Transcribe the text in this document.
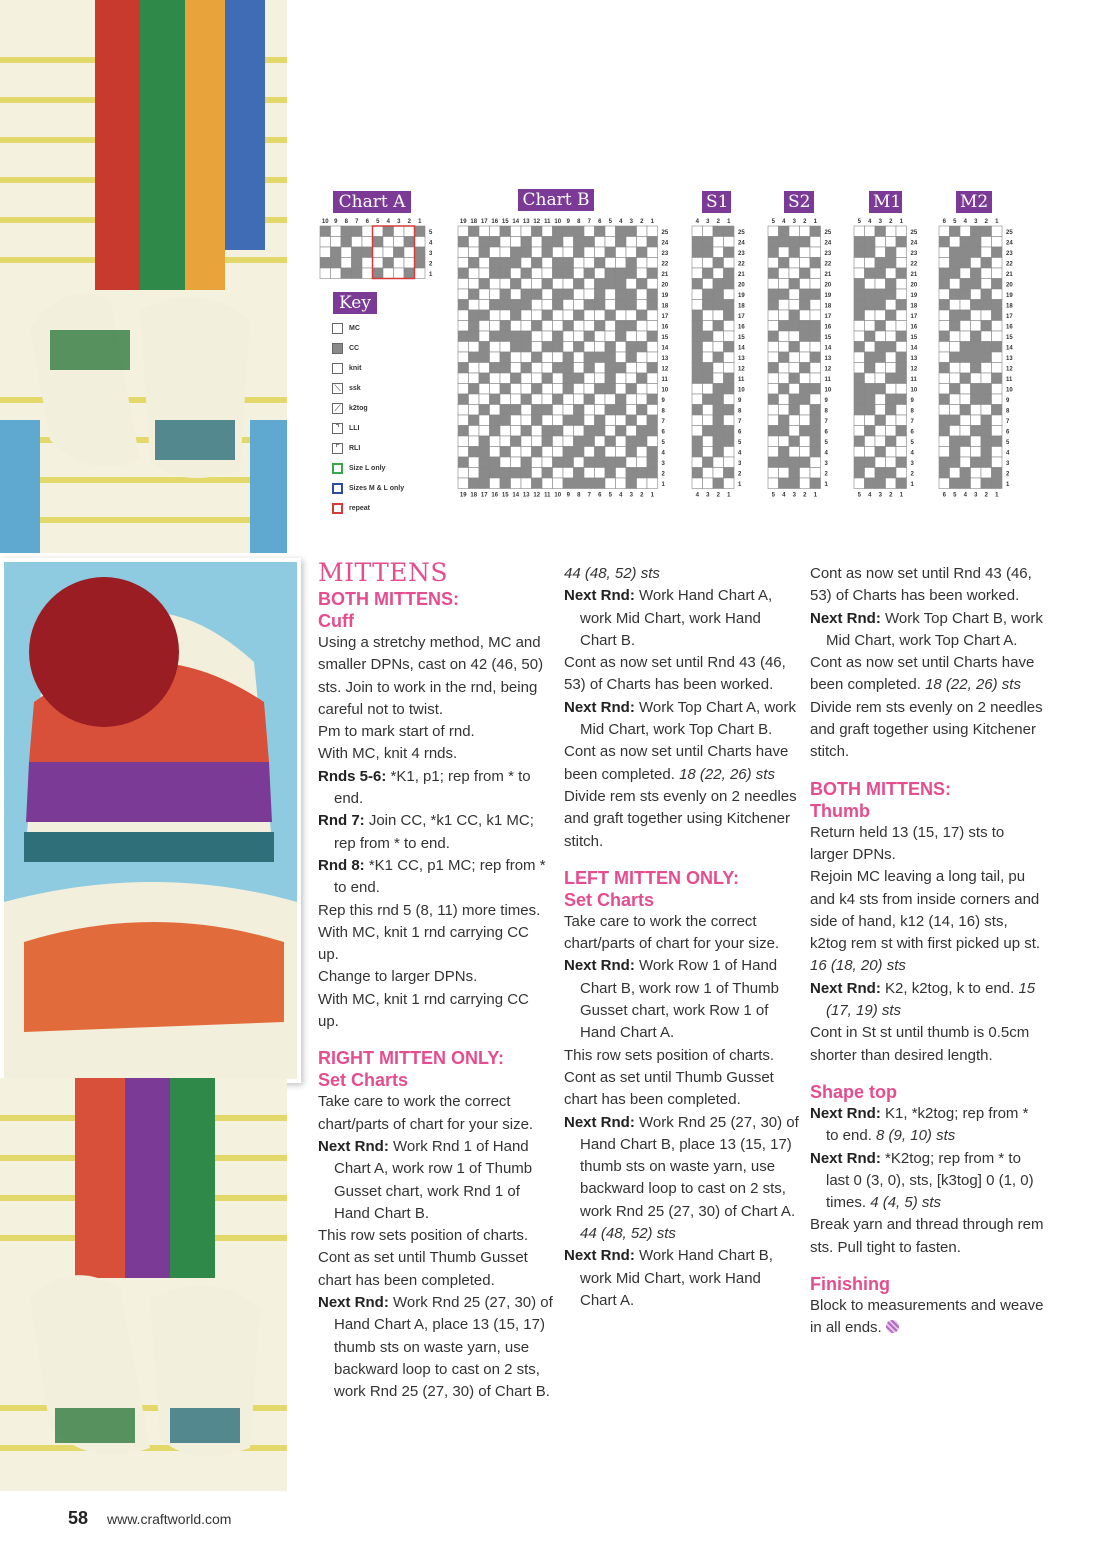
Chart A	Chart B	S1	S2	M1	M2
10 9 8 7 6 5 4 3 2 1
5
4
3
2
1
19 18 17 16 15 14 13 12 11 10 9 8 7 6 5 4 3 2 1
25
24
23
22
21
20
19
18
17
16
15
14
13
12
11
10
9
8
7
6
5
4
3
2
1
19 18 17 16 15 14 13 12 11 10 9 8 7 6 5 4 3 2 1
4 3 2 1
25
24
23
22
21
20
19
18
17
16
15
14
13
12
11
10
9
8
7
6
5
4
3
2
1
4 3 2 1
5 4 3 2 1
25
24
23
22
21
20
19
18
17
16
15
14
13
12
11
10
9
8
7
6
5
4
3
2
1
5 4 3 2 1
5 4 3 2 1
25
24
23
22
21
20
19
18
17
16
15
14
13
12
11
10
9
8
7
6
5
4
3
2
1
5 4 3 2 1
6 5 4 3 2 1
25
24
23
22
21
20
19
18
17
16
15
14
13
12
11
10
9
8
7
6
5
4
3
2
1
6 5 4 3 2 1
Key
MC
CC
knit
⟍	ssk
⟋	k2tog
⌝	LLI
⌜	RLI
Size L only
Sizes M & L only
repeat

MITTENS

BOTH MITTENS:

Cuff

Using a stretchy method, MC and smaller DPNs, cast on 42 (46, 50) sts. Join to work in the rnd, being careful not to twist.

Pm to mark start of rnd.

With MC, knit 4 rnds.

Rnds 5-6: *K1, p1; rep from * to end.

Rnd 7: Join CC, *k1 CC, k1 MC; rep from * to end.

Rnd 8: *K1 CC, p1 MC; rep from * to end.

Rep this rnd 5 (8, 11) more times.

With MC, knit 1 rnd carrying CC up.

Change to larger DPNs.

With MC, knit 1 rnd carrying CC up.

RIGHT MITTEN ONLY:

Set Charts

Take care to work the correct chart/parts of chart for your size.

Next Rnd: Work Rnd 1 of Hand Chart A, work row 1 of Thumb Gusset chart, work Rnd 1 of Hand Chart B.

This row sets position of charts.

Cont as set until Thumb Gusset chart has been completed.

Next Rnd: Work Rnd 25 (27, 30) of Hand Chart A, place 13 (15, 17) thumb sts on waste yarn, use backward loop to cast on 2 sts, work Rnd 25 (27, 30) of Chart B.

44 (48, 52) sts

Next Rnd: Work Hand Chart A, work Mid Chart, work Hand Chart B.

Cont as now set until Rnd 43 (46, 53) of Charts has been worked.

Next Rnd: Work Top Chart A, work Mid Chart, work Top Chart B.

Cont as now set until Charts have been completed. 18 (22, 26) sts

Divide rem sts evenly on 2 needles and graft together using Kitchener stitch.

LEFT MITTEN ONLY:

Set Charts

Take care to work the correct chart/parts of chart for your size.

Next Rnd: Work Row 1 of Hand Chart B, work row 1 of Thumb Gusset chart, work Row 1 of Hand Chart A.

This row sets position of charts.

Cont as set until Thumb Gusset chart has been completed.

Next Rnd: Work Rnd 25 (27, 30) of Hand Chart B, place 13 (15, 17) thumb sts on waste yarn, use backward loop to cast on 2 sts, work Rnd 25 (27, 30) of Chart A. 44 (48, 52) sts

Next Rnd: Work Hand Chart B, work Mid Chart, work Hand Chart A.

Cont as now set until Rnd 43 (46, 53) of Charts has been worked.

Next Rnd: Work Top Chart B, work Mid Chart, work Top Chart A.

Cont as now set until Charts have been completed. 18 (22, 26) sts

Divide rem sts evenly on 2 needles and graft together using Kitchener stitch.

BOTH MITTENS:

Thumb

Return held 13 (15, 17) sts to larger DPNs.

Rejoin MC leaving a long tail, pu and k4 sts from inside corners and side of hand, k12 (14, 16) sts, k2tog rem st with first picked up st. 16 (18, 20) sts

Next Rnd: K2, k2tog, k to end. 15 (17, 19) sts

Cont in St st until thumb is 0.5cm shorter than desired length.

Shape top

Next Rnd: K1, *k2tog; rep from * to end. 8 (9, 10) sts

Next Rnd: *K2tog; rep from * to last 0 (3, 0), sts, [k3tog] 0 (1, 0) times. 4 (4, 5) sts

Break yarn and thread through rem sts. Pull tight to fasten.

Finishing

Block to measurements and weave in all ends.

58 www.craftworld.com
